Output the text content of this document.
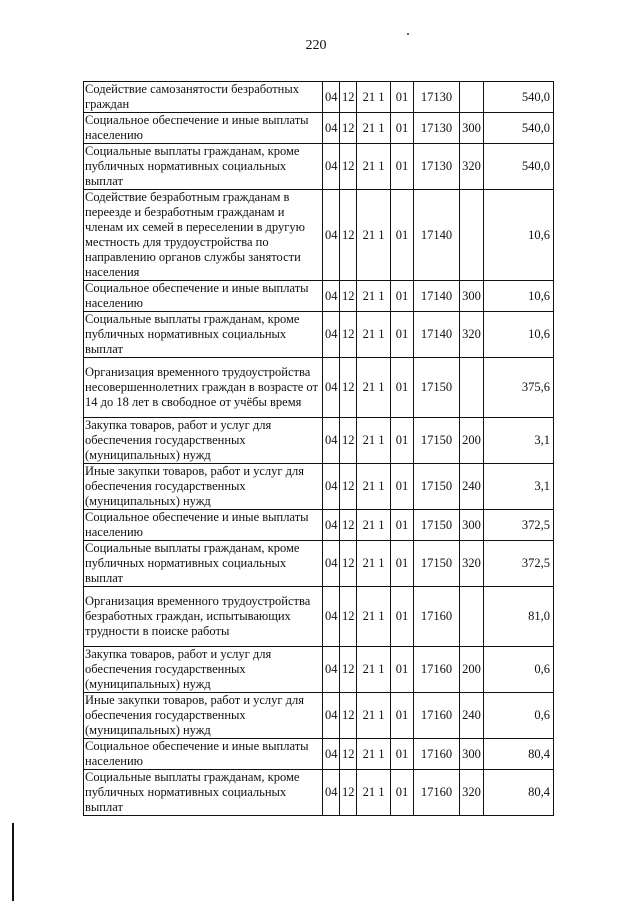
220
Содействие самозанятости безработных граждан	04	12	21 1	01	17130		540,0
Социальное обеспечение и иные выплаты населению	04	12	21 1	01	17130	300	540,0
Социальные выплаты гражданам, кроме публичных нормативных социальных выплат	04	12	21 1	01	17130	320	540,0
Содействие безработным гражданам в переезде и безработным гражданам и членам их семей в переселении в другую местность для трудоустройства по направлению органов службы занятости населения	04	12	21 1	01	17140		10,6
Социальное обеспечение и иные выплаты населению	04	12	21 1	01	17140	300	10,6
Социальные выплаты гражданам, кроме публичных нормативных социальных выплат	04	12	21 1	01	17140	320	10,6
Организация временного трудоустройства несовершеннолетних граждан в возрасте от 14 до 18 лет в свободное от учёбы время	04	12	21 1	01	17150		375,6
Закупка товаров, работ и услуг для обеспечения государственных (муниципальных) нужд	04	12	21 1	01	17150	200	3,1
Иные закупки товаров, работ и услуг для обеспечения государственных (муниципальных) нужд	04	12	21 1	01	17150	240	3,1
Социальное обеспечение и иные выплаты населению	04	12	21 1	01	17150	300	372,5
Социальные выплаты гражданам, кроме публичных нормативных социальных выплат	04	12	21 1	01	17150	320	372,5
Организация временного трудоустройства безработных граждан, испытывающих трудности в поиске работы	04	12	21 1	01	17160		81,0
Закупка товаров, работ и услуг для обеспечения государственных (муниципальных) нужд	04	12	21 1	01	17160	200	0,6
Иные закупки товаров, работ и услуг для обеспечения государственных (муниципальных) нужд	04	12	21 1	01	17160	240	0,6
Социальное обеспечение и иные выплаты населению	04	12	21 1	01	17160	300	80,4
Социальные выплаты гражданам, кроме публичных нормативных социальных выплат	04	12	21 1	01	17160	320	80,4
